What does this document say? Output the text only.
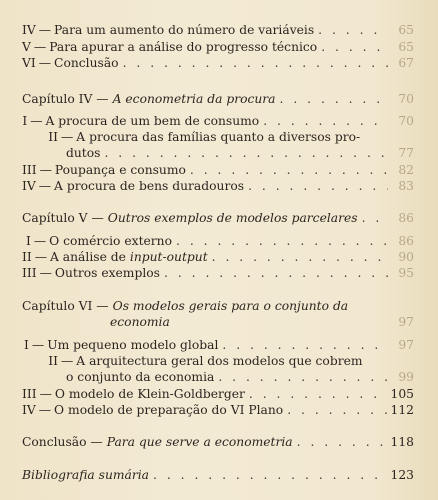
IV — Para um aumento do número de variáveis . . .	65
V — Para apurar a análise do progresso técnico . . .	65
VI — Conclusão . . .	67
Capítulo IV — A econometria da procura . . .	70
I — A procura de um bem de consumo . . .	70
II — A procura das famílias quanto a diversos pro-
dutos . . .	77
III — Poupança e consumo . . .	82
IV — A procura de bens duradouros . . .	83
Capítulo V — Outros exemplos de modelos parcelares . . .	86
I — O comércio externo . . .	86
II — A análise de input-output . . .	90
III — Outros exemplos . . .	95
Capítulo VI — Os modelos gerais para o conjunto da
economia	97
I — Um pequeno modelo global . . .	97
II — A arquitectura geral dos modelos que cobrem
o conjunto da economia . . .	99
III — O modelo de Klein-Goldberger . . .	105
IV — O modelo de preparação do VI Plano . . .	112
Conclusão — Para que serve a econometria . . .	118
Bibliografia sumária . . .	123
